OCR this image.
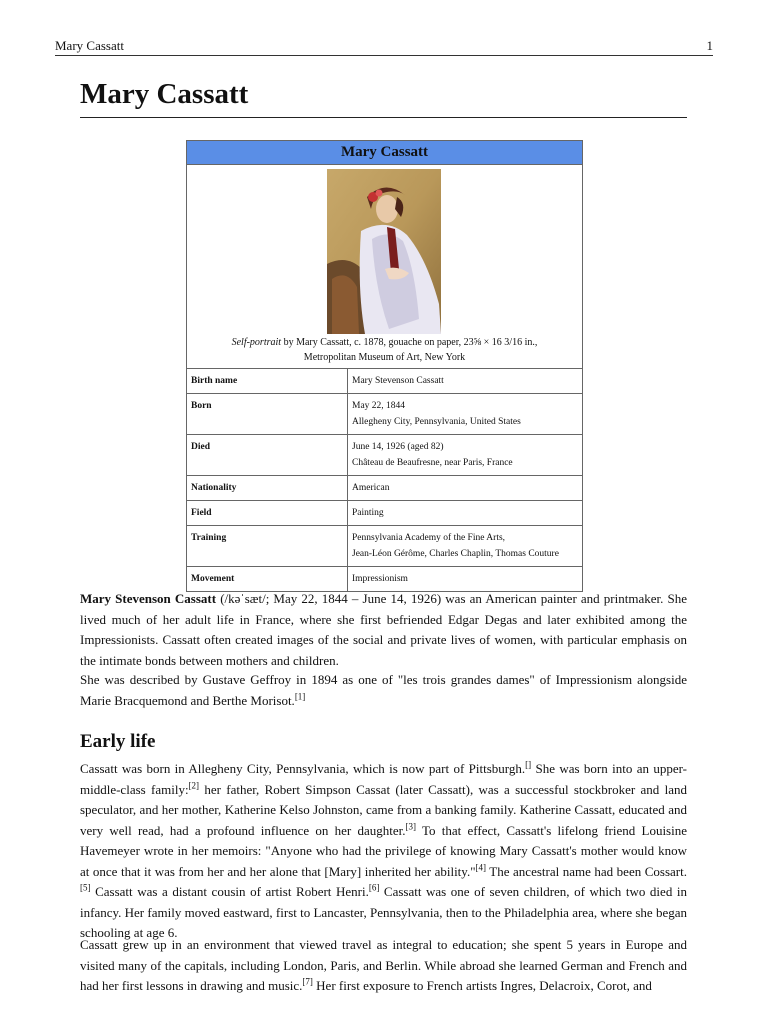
Mary Cassatt	1
Mary Cassatt
Mary Cassatt
Self-portrait by Mary Cassatt, c. 1878, gouache on paper, 23⅝ × 16 3/16 in.,
Metropolitan Museum of Art, New York
Birth name	Mary Stevenson Cassatt
Born	May 22, 1844
Allegheny City, Pennsylvania, United States
Died	June 14, 1926 (aged 82)
Château de Beaufresne, near Paris, France
Nationality	American
Field	Painting
Training	Pennsylvania Academy of the Fine Arts,
Jean-Léon Gérôme, Charles Chaplin, Thomas Couture
Movement	Impressionism

Mary Stevenson Cassatt (/kəˈsæt/; May 22, 1844 – June 14, 1926) was an American painter and printmaker. She lived much of her adult life in France, where she first befriended Edgar Degas and later exhibited among the Impressionists. Cassatt often created images of the social and private lives of women, with particular emphasis on the intimate bonds between mothers and children.

She was described by Gustave Geffroy in 1894 as one of "les trois grandes dames" of Impressionism alongside Marie Bracquemond and Berthe Morisot.[1]

Early life

Cassatt was born in Allegheny City, Pennsylvania, which is now part of Pittsburgh.[] She was born into an upper-middle-class family:[2] her father, Robert Simpson Cassat (later Cassatt), was a successful stockbroker and land speculator, and her mother, Katherine Kelso Johnston, came from a banking family. Katherine Cassatt, educated and very well read, had a profound influence on her daughter.[3] To that effect, Cassatt's lifelong friend Louisine Havemeyer wrote in her memoirs: "Anyone who had the privilege of knowing Mary Cassatt's mother would know at once that it was from her and her alone that [Mary] inherited her ability."[4] The ancestral name had been Cossart.[5] Cassatt was a distant cousin of artist Robert Henri.[6] Cassatt was one of seven children, of which two died in infancy. Her family moved eastward, first to Lancaster, Pennsylvania, then to the Philadelphia area, where she began schooling at age 6.

Cassatt grew up in an environment that viewed travel as integral to education; she spent 5 years in Europe and visited many of the capitals, including London, Paris, and Berlin. While abroad she learned German and French and had her first lessons in drawing and music.[7] Her first exposure to French artists Ingres, Delacroix, Corot, and
